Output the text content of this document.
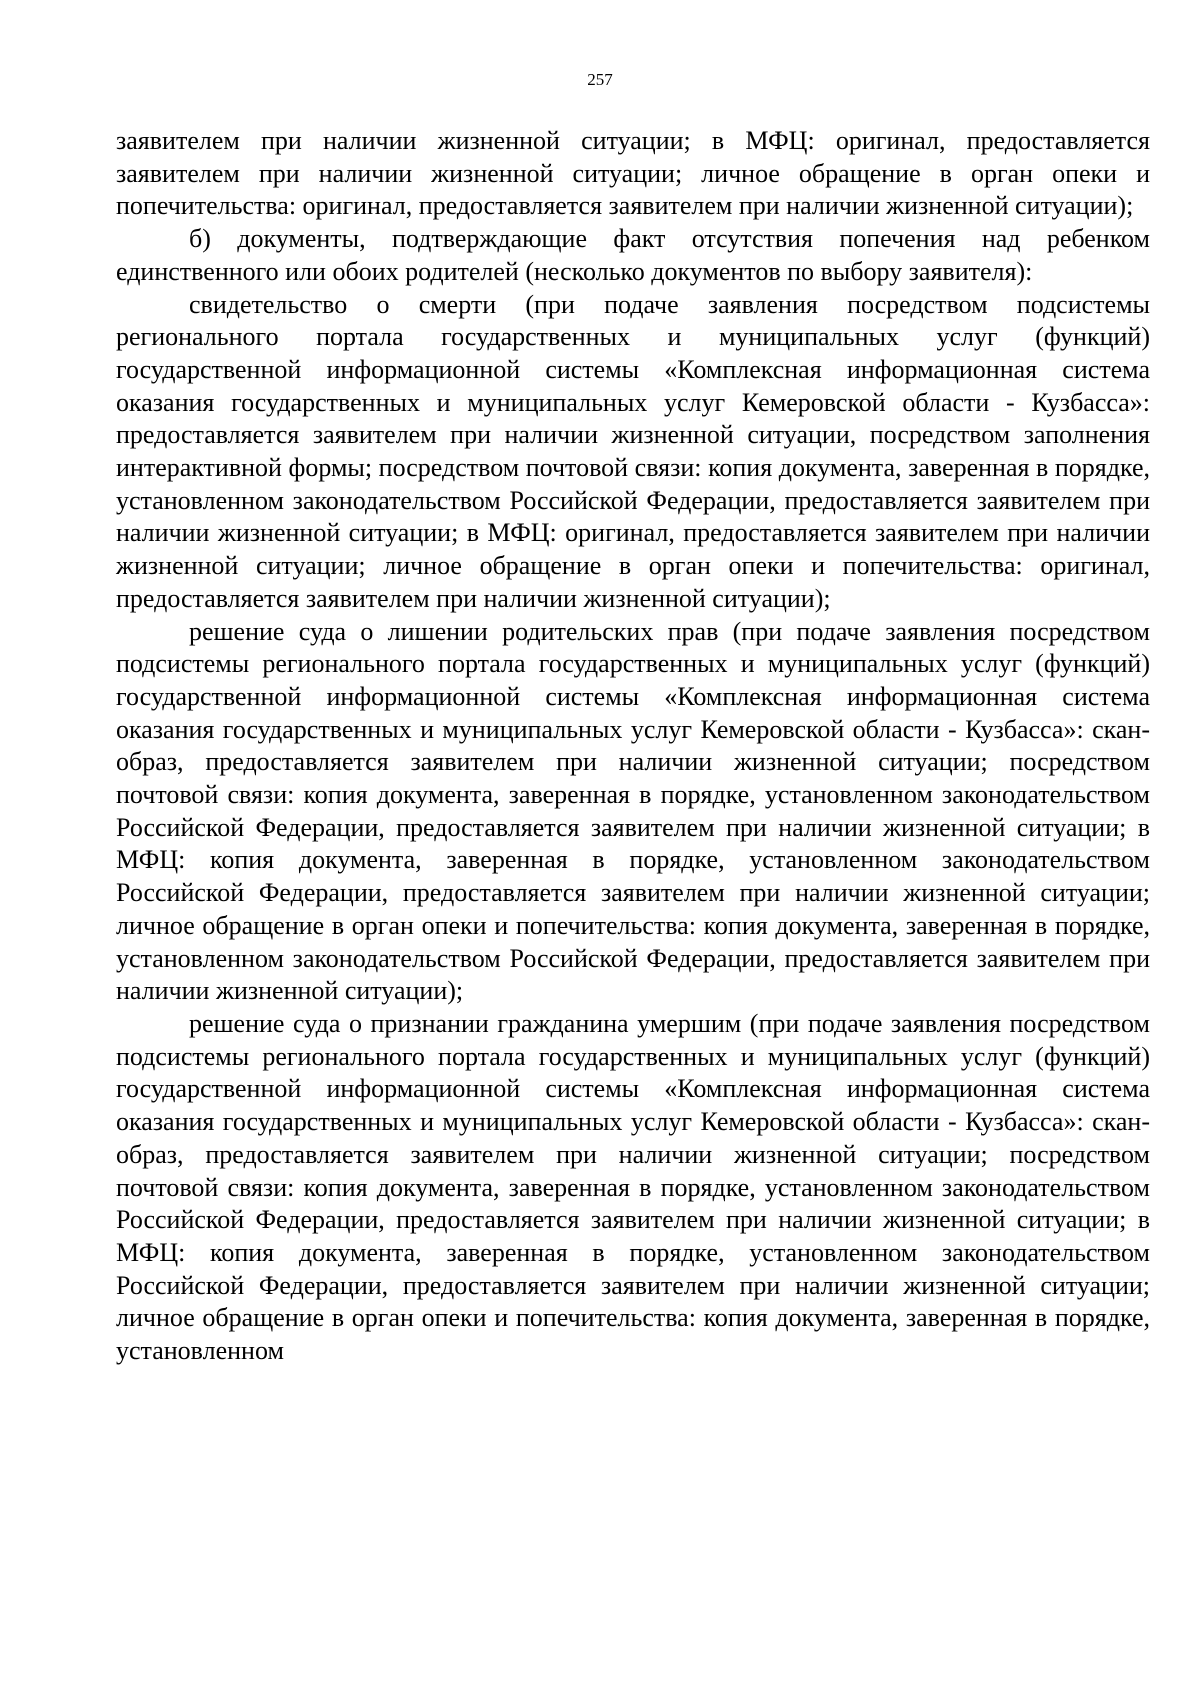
257

заявителем при наличии жизненной ситуации; в МФЦ: оригинал, предоставляется заявителем при наличии жизненной ситуации; личное обращение в орган опеки и попечительства: оригинал, предоставляется заявителем при наличии жизненной ситуации);

б) документы, подтверждающие факт отсутствия попечения над ребенком единственного или обоих родителей (несколько документов по выбору заявителя):

свидетельство о смерти (при подаче заявления посредством подсистемы регионального портала государственных и муниципальных услуг (функций) государственной информационной системы «Комплексная информационная система оказания государственных и муниципальных услуг Кемеровской области - Кузбасса»: предоставляется заявителем при наличии жизненной ситуации, посредством заполнения интерактивной формы; посредством почтовой связи: копия документа, заверенная в порядке, установленном законодательством Российской Федерации, предоставляется заявителем при наличии жизненной ситуации; в МФЦ: оригинал, предоставляется заявителем при наличии жизненной ситуации; личное обращение в орган опеки и попечительства: оригинал, предоставляется заявителем при наличии жизненной ситуации);

решение суда о лишении родительских прав (при подаче заявления посредством подсистемы регионального портала государственных и муниципальных услуг (функций) государственной информационной системы «Комплексная информационная система оказания государственных и муниципальных услуг Кемеровской области - Кузбасса»: скан-образ, предоставляется заявителем при наличии жизненной ситуации; посредством почтовой связи: копия документа, заверенная в порядке, установленном законодательством Российской Федерации, предоставляется заявителем при наличии жизненной ситуации; в МФЦ: копия документа, заверенная в порядке, установленном законодательством Российской Федерации, предоставляется заявителем при наличии жизненной ситуации; личное обращение в орган опеки и попечительства: копия документа, заверенная в порядке, установленном законодательством Российской Федерации, предоставляется заявителем при наличии жизненной ситуации);

решение суда о признании гражданина умершим (при подаче заявления посредством подсистемы регионального портала государственных и муниципальных услуг (функций) государственной информационной системы «Комплексная информационная система оказания государственных и муниципальных услуг Кемеровской области - Кузбасса»: скан-образ, предоставляется заявителем при наличии жизненной ситуации; посредством почтовой связи: копия документа, заверенная в порядке, установленном законодательством Российской Федерации, предоставляется заявителем при наличии жизненной ситуации; в МФЦ: копия документа, заверенная в порядке, установленном законодательством Российской Федерации, предоставляется заявителем при наличии жизненной ситуации; личное обращение в орган опеки и попечительства: копия документа, заверенная в порядке, установленном
